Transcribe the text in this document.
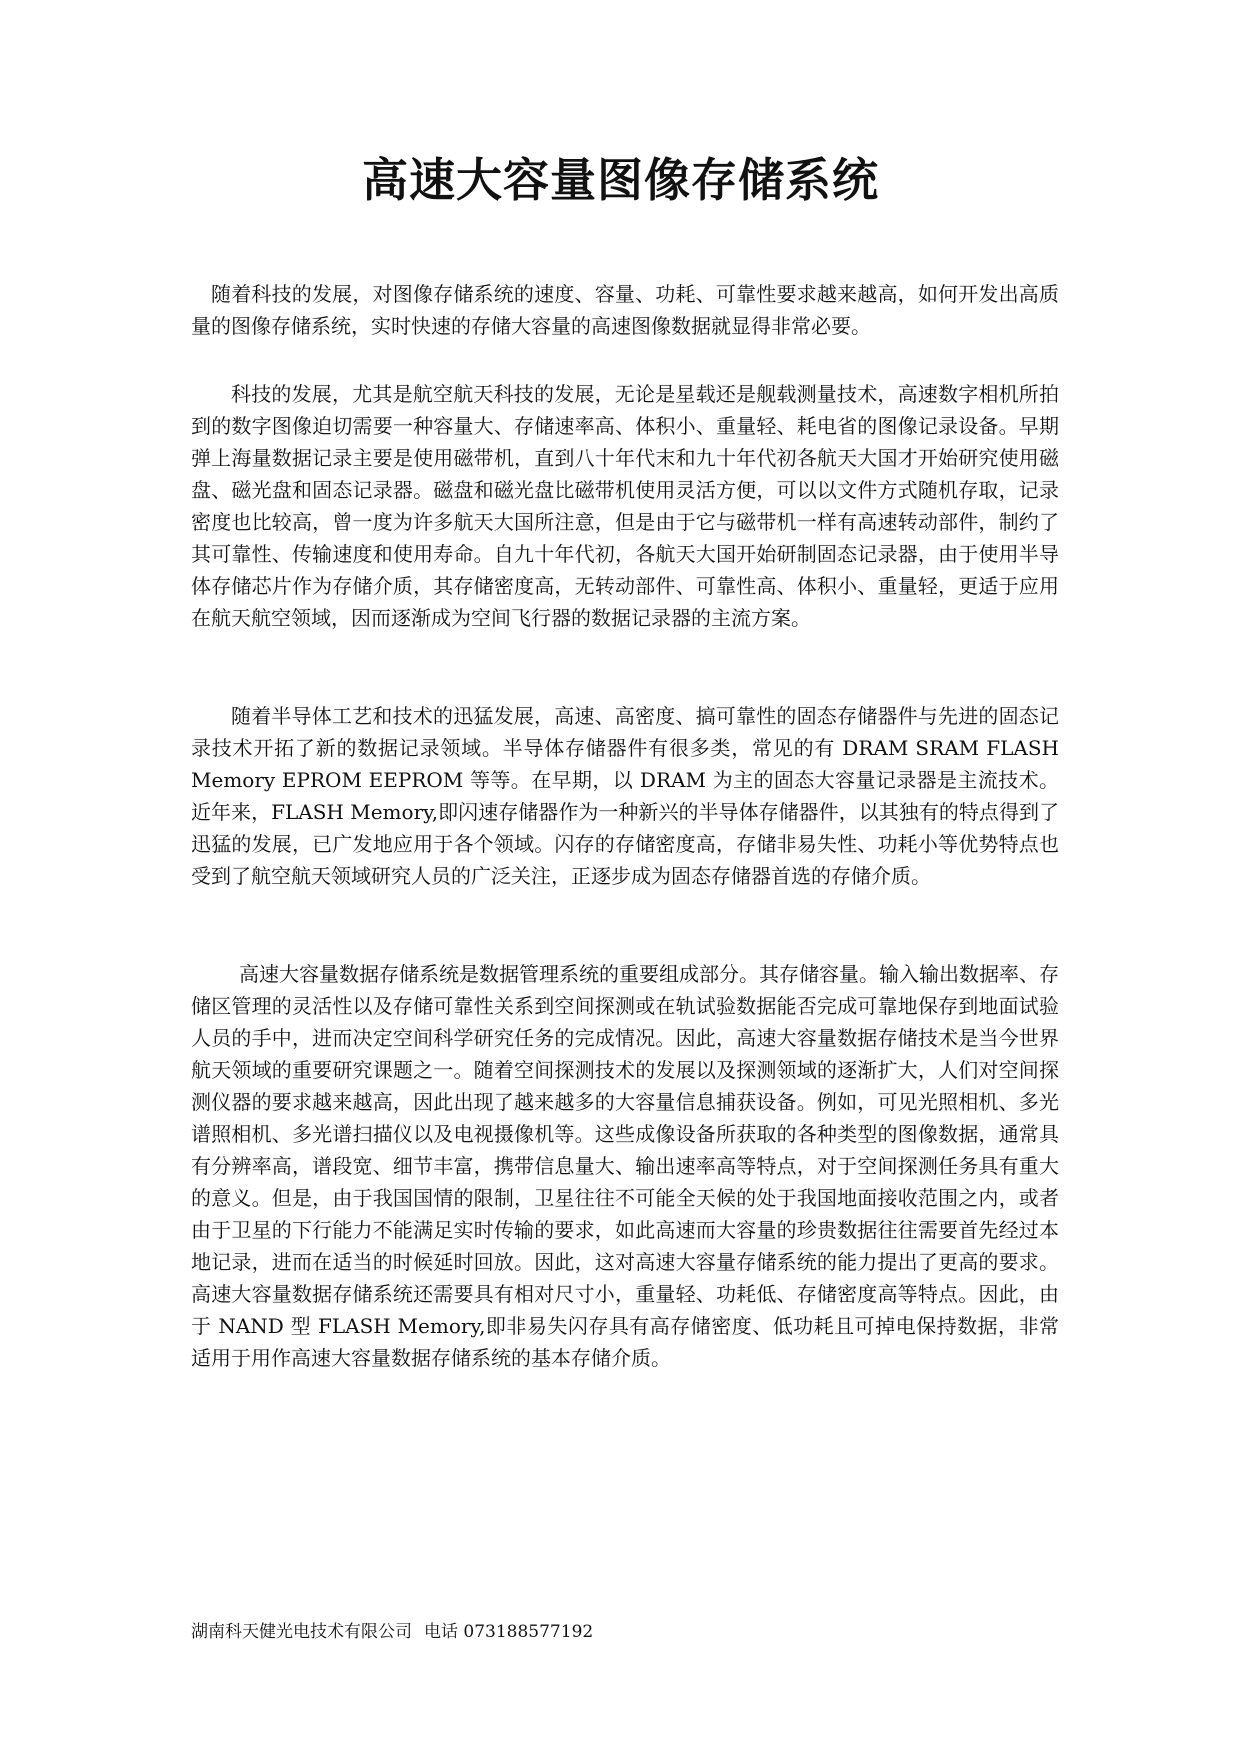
高速大容量图像存储系统

随着科技的发展，对图像存储系统的速度、容量、功耗、可靠性要求越来越高，如何开发出高质量的图像存储系统，实时快速的存储大容量的高速图像数据就显得非常必要。

科技的发展，尤其是航空航天科技的发展，无论是星载还是舰载测量技术，高速数字相机所拍到的数字图像迫切需要一种容量大、存储速率高、体积小、重量轻、耗电省的图像记录设备。早期弹上海量数据记录主要是使用磁带机，直到八十年代末和九十年代初各航天大国才开始研究使用磁盘、磁光盘和固态记录器。磁盘和磁光盘比磁带机使用灵活方便，可以以文件方式随机存取，记录密度也比较高，曾一度为许多航天大国所注意，但是由于它与磁带机一样有高速转动部件，制约了其可靠性、传输速度和使用寿命。自九十年代初，各航天大国开始研制固态记录器，由于使用半导体存储芯片作为存储介质，其存储密度高，无转动部件、可靠性高、体积小、重量轻，更适于应用在航天航空领域，因而逐渐成为空间飞行器的数据记录器的主流方案。

随着半导体工艺和技术的迅猛发展，高速、高密度、搞可靠性的固态存储器件与先进的固态记录技术开拓了新的数据记录领域。半导体存储器件有很多类，常见的有 DRAM SRAM FLASH Memory EPROM EEPROM 等等。在早期，以 DRAM 为主的固态大容量记录器是主流技术。近年来，FLASH Memory,即闪速存储器作为一种新兴的半导体存储器件，以其独有的特点得到了迅猛的发展，已广发地应用于各个领域。闪存的存储密度高，存储非易失性、功耗小等优势特点也受到了航空航天领域研究人员的广泛关注，正逐步成为固态存储器首选的存储介质。

高速大容量数据存储系统是数据管理系统的重要组成部分。其存储容量。输入输出数据率、存储区管理的灵活性以及存储可靠性关系到空间探测或在轨试验数据能否完成可靠地保存到地面试验人员的手中，进而决定空间科学研究任务的完成情况。因此，高速大容量数据存储技术是当今世界航天领域的重要研究课题之一。随着空间探测技术的发展以及探测领域的逐渐扩大，人们对空间探测仪器的要求越来越高，因此出现了越来越多的大容量信息捕获设备。例如，可见光照相机、多光谱照相机、多光谱扫描仪以及电视摄像机等。这些成像设备所获取的各种类型的图像数据，通常具有分辨率高，谱段宽、细节丰富，携带信息量大、输出速率高等特点，对于空间探测任务具有重大的意义。但是，由于我国国情的限制，卫星往往不可能全天候的处于我国地面接收范围之内，或者由于卫星的下行能力不能满足实时传输的要求，如此高速而大容量的珍贵数据往往需要首先经过本地记录，进而在适当的时候延时回放。因此，这对高速大容量存储系统的能力提出了更高的要求。高速大容量数据存储系统还需要具有相对尺寸小，重量轻、功耗低、存储密度高等特点。因此，由于 NAND 型 FLASH Memory,即非易失闪存具有高存储密度、低功耗且可掉电保持数据，非常适用于用作高速大容量数据存储系统的基本存储介质。

湖南科天健光电技术有限公司 电话 073188577192
